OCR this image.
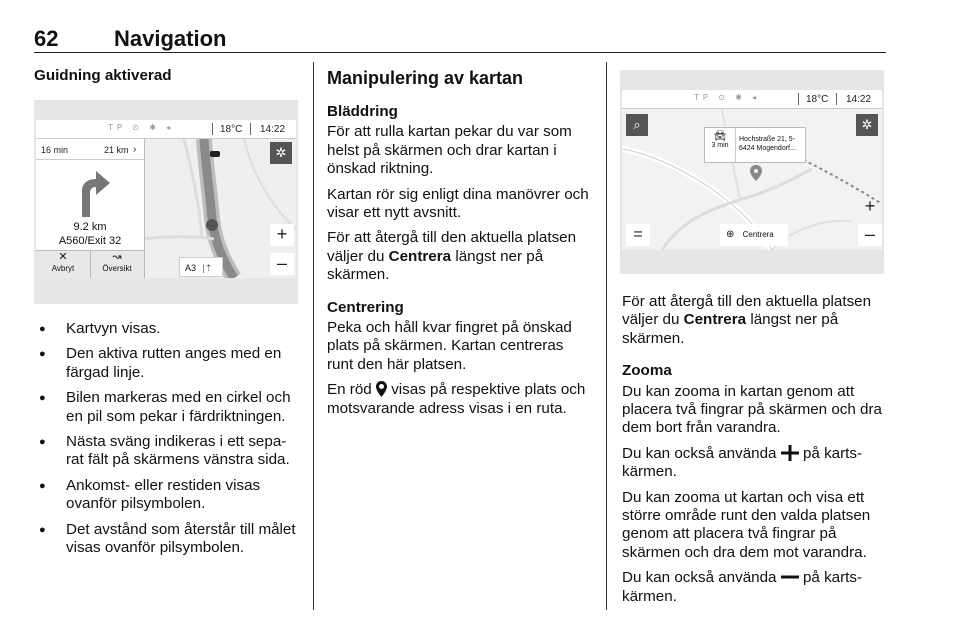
62	Navigation
Guidning aktiverad
TP ⊙ ✱ ◂	18°C 14:22
✲
+
–
A3 |⇡
16 min	21 km ›
9.2 km
A560/Exit 32
✕
Avbryt
↝
Översikt
● Kartvyn visas.
● Den aktiva rutten anges med en färgad linje.
● Bilen markeras med en cirkel och en pil som pekar i färdriktningen.
● Nästa sväng indikeras i ett sepa-rat fält på skärmens vänstra sida.
● Ankomst- eller restiden visas ovanför pilsymbolen.
● Det avstånd som återstår till målet visas ovanför pilsymbolen.
Manipulering av kartan
Bläddring

För att rulla kartan pekar du var som helst på skärmen och drar kartan i önskad riktning.

Kartan rör sig enligt dina manövrer och visar ett nytt avsnitt.

För att återgå till den aktuella platsen väljer du Centrera längst ner på skärmen.

Centrering

Peka och håll kvar fingret på önskad plats på skärmen. Kartan centreras runt den här platsen.

En röd  visas på respektive plats och motsvarande adress visas i en ruta.

TP ⊙ ✱ ◂	18°C 14:22
⌕	✲
🚘︎
3 min
Hochstraße 21, 5-
6424 Mogendorf...
+
–
=	⊕ Centrera

För att återgå till den aktuella platsen väljer du Centrera längst ner på skärmen.

Zooma

Du kan zooma in kartan genom att placera två fingrar på skärmen och dra dem bort från varandra.

Du kan också använda  på karts-kärmen.

Du kan zooma ut kartan och visa ett större område runt den valda platsen genom att placera två fingrar på skärmen och dra dem mot varandra.

Du kan också använda  på karts-kärmen.
